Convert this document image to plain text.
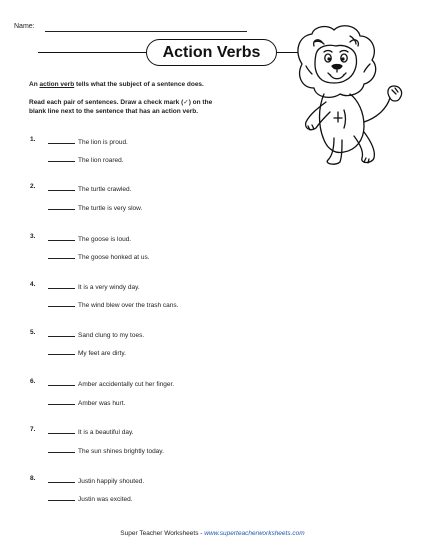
Name:
Action Verbs
An action verb tells what the subject of a sentence does.
Read each pair of sentences. Draw a check mark (✓) on the
blank line next to the sentence that has an action verb.
1.	The lion is proud.
The lion roared.
2.	The turtle crawled.
The turtle is very slow.
3.	The goose is loud.
The goose honked at us.
4.	It is a very windy day.
The wind blew over the trash cans.
5.	Sand clung to my toes.
My feet are dirty.
6.	Amber accidentally cut her finger.
Amber was hurt.
7.	It is a beautiful day.
The sun shines brightly today.
8.	Justin happily shouted.
Justin was excited.
Super Teacher Worksheets - www.superteacherworksheets.com
